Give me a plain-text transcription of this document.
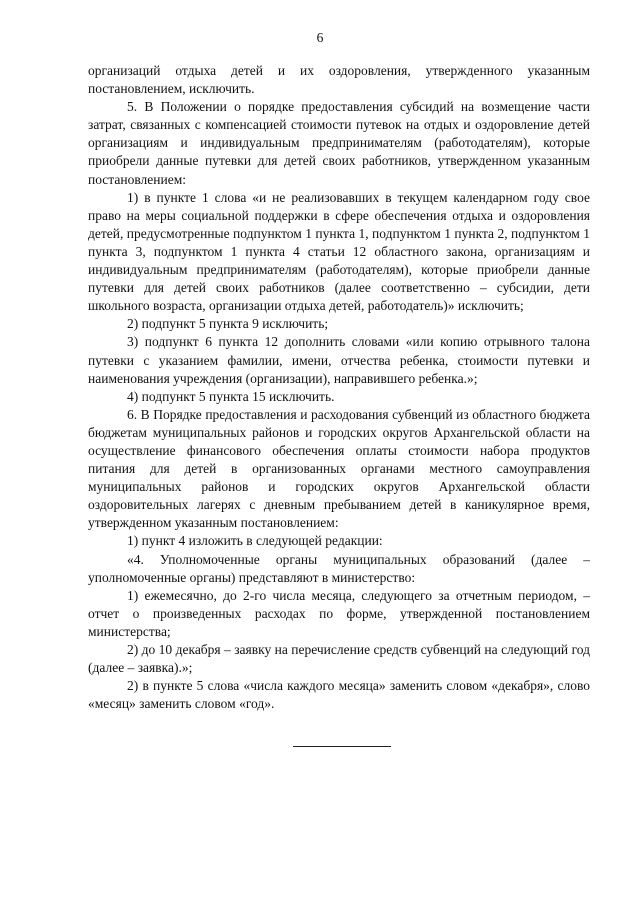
6

организаций отдыха детей и их оздоровления, утвержденного указанным постановлением, исключить.

5. В Положении о порядке предоставления субсидий на возмещение части затрат, связанных с компенсацией стоимости путевок на отдых и оздоровление детей организациям и индивидуальным предпринимателям (работодателям), которые приобрели данные путевки для детей своих работников, утвержденном указанным постановлением:

1) в пункте 1 слова «и не реализовавших в текущем календарном году свое право на меры социальной поддержки в сфере обеспечения отдыха и оздоровления детей, предусмотренные подпунктом 1 пункта 1, подпунктом 1 пункта 2, подпунктом 1 пункта 3, подпунктом 1 пункта 4 статьи 12 областного закона, организациям и индивидуальным предпринимателям (работодателям), которые приобрели данные путевки для детей своих работников (далее соответственно – субсидии, дети школьного возраста, организации отдыха детей, работодатель)» исключить;

2) подпункт 5 пункта 9 исключить;

3) подпункт 6 пункта 12 дополнить словами «или копию отрывного талона путевки с указанием фамилии, имени, отчества ребенка, стоимости путевки и наименования учреждения (организации), направившего ребенка.»;

4) подпункт 5 пункта 15 исключить.

6. В Порядке предоставления и расходования субвенций из областного бюджета бюджетам муниципальных районов и городских округов Архангельской области на осуществление финансового обеспечения оплаты стоимости набора продуктов питания для детей в организованных органами местного самоуправления муниципальных районов и городских округов Архангельской области оздоровительных лагерях с дневным пребыванием детей в каникулярное время, утвержденном указанным постановлением:

1) пункт 4 изложить в следующей редакции:

«4. Уполномоченные органы муниципальных образований (далее – уполномоченные органы) представляют в министерство:

1) ежемесячно, до 2-го числа месяца, следующего за отчетным периодом, – отчет о произведенных расходах по форме, утвержденной постановлением министерства;

2) до 10 декабря – заявку на перечисление средств субвенций на следующий год (далее – заявка).»;

2) в пункте 5 слова «числа каждого месяца» заменить словом «декабря», слово «месяц» заменить словом «год».
